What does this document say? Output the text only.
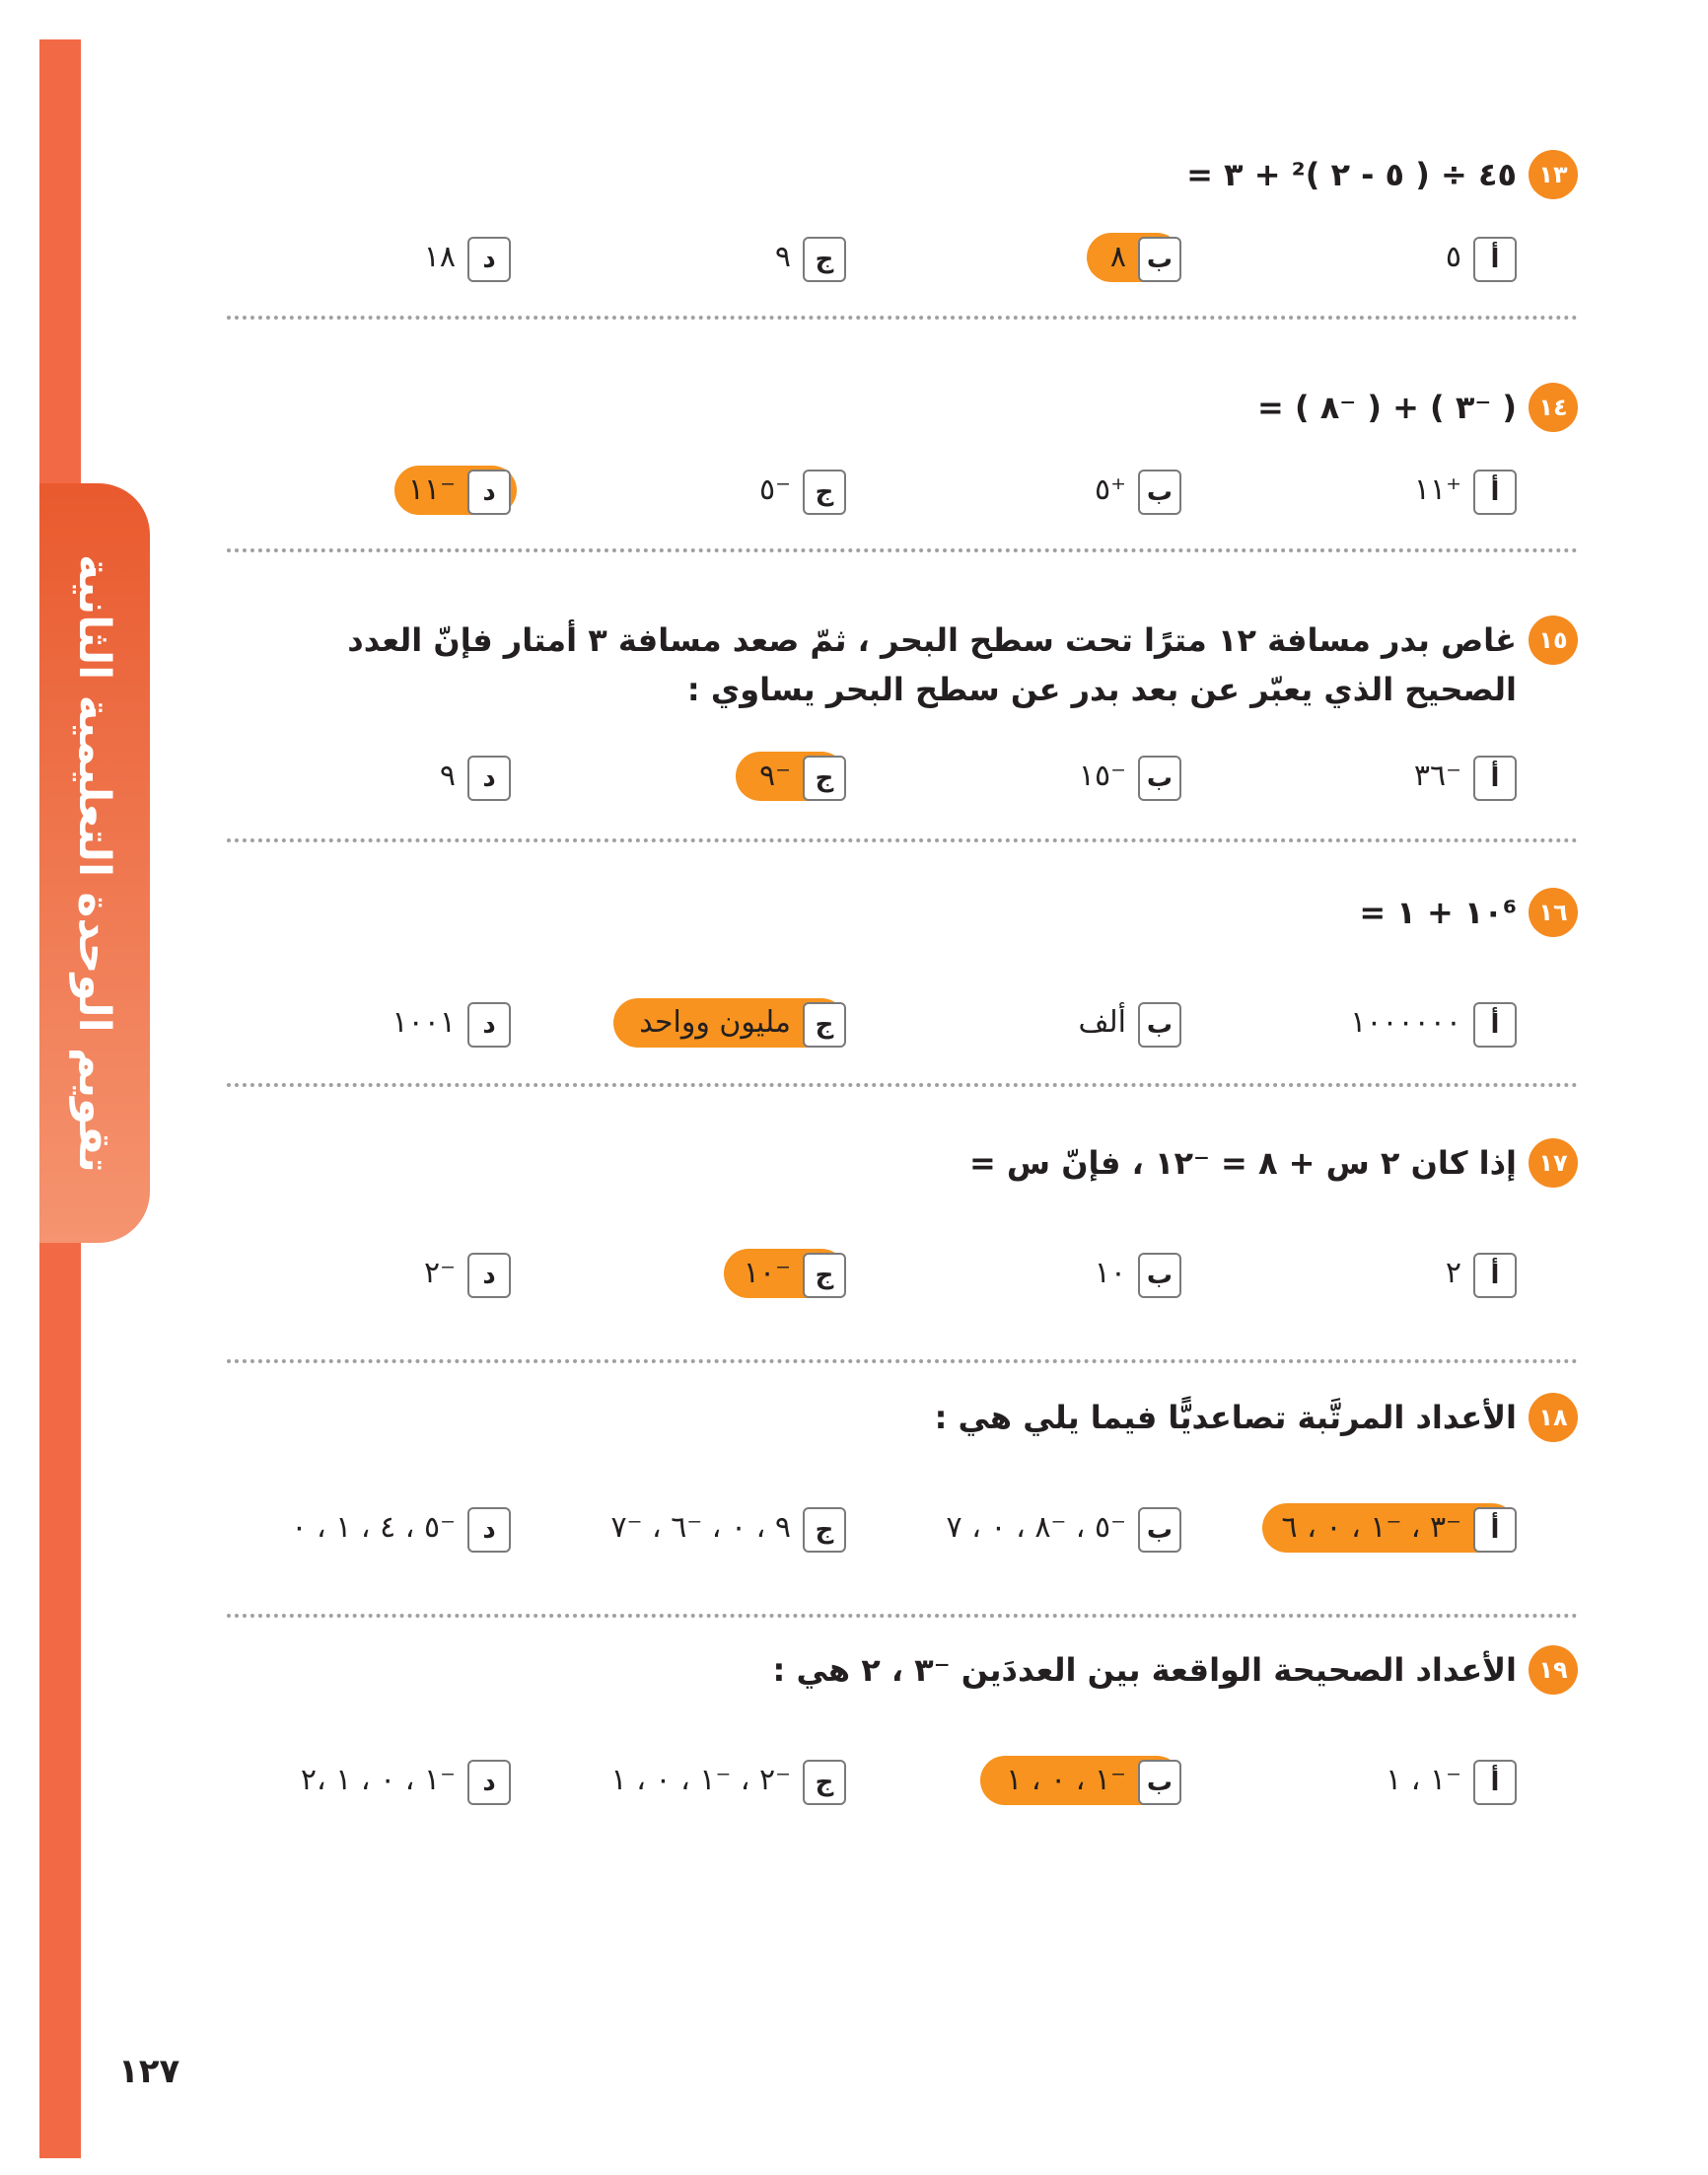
تقويم الوحدة التعليمية الثانية
١٣
٤٥ ÷ ( ٥ - ٢ )² + ٣ =
أ
٥
ب
٨
ج
٩
د
١٨
١٤
( ⁻٣ ) + ( ⁻٨ ) =
أ
⁺١١
ب
⁺٥
ج
⁻٥
د
⁻١١
١٥
غاص بدر مسافة ١٢ مترًا تحت سطح البحر ، ثمّ صعد مسافة ٣ أمتار فإنّ العدد الصحيح الذي يعبّر عن بعد بدر عن سطح البحر يساوي :
أ
⁻٣٦
ب
⁻١٥
ج
⁻٩
د
٩
١٦
١٠⁶ + ١ =
أ
١٠٠٠٠٠٠
ب
ألف
ج
مليون وواحد
د
١٠٠١
١٧
إذا كان ٢ س + ٨ = ⁻١٢ ، فإنّ س =
أ
٢
ب
١٠
ج
⁻١٠
د
⁻٢
١٨
الأعداد المرتَّبة تصاعديًّا فيما يلي هي :
أ
⁻٣ ، ⁻١ ، ٠ ، ٦
ب
⁻٥ ، ⁻٨ ، ٠ ، ٧
ج
٩ ، ٠ ، ⁻٦ ، ⁻٧
د
⁻٥ ، ٤ ، ١ ، ٠
١٩
الأعداد الصحيحة الواقعة بين العددَين ⁻٣ ، ٢ هي :
أ
⁻١ ، ١
ب
⁻١ ، ٠ ، ١
ج
⁻٢ ، ⁻١ ، ٠ ، ١
د
⁻١ ، ٠ ، ١ ،٢
١٢٧
